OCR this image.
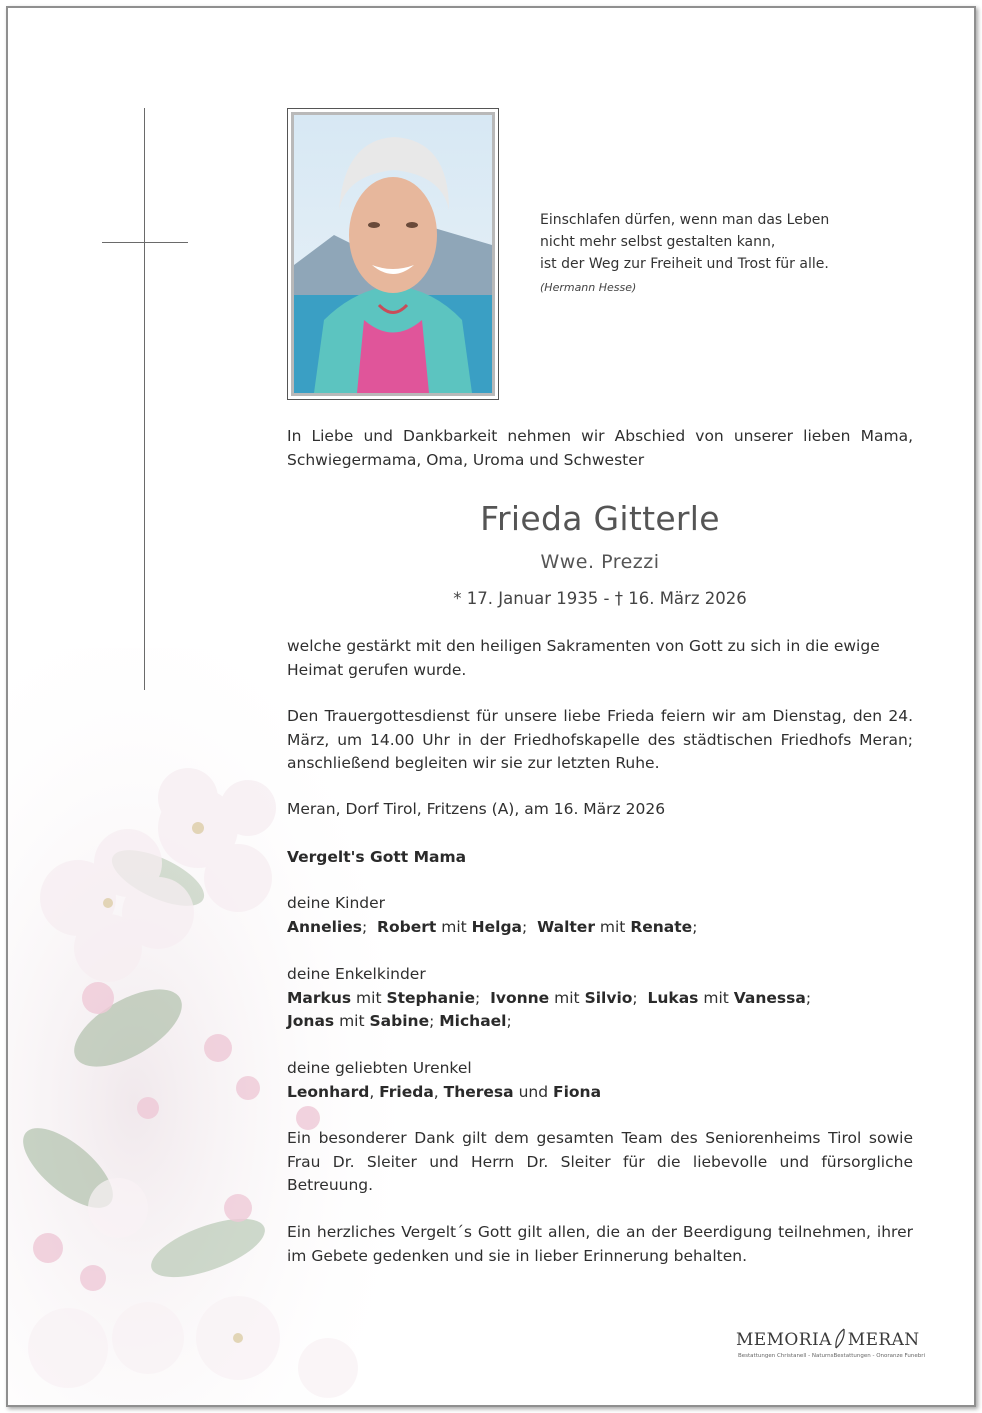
Einschlafen dürfen, wenn man das Leben
nicht mehr selbst gestalten kann,
ist der Weg zur Freiheit und Trost für alle.
(Hermann Hesse)
In Liebe und Dankbarkeit nehmen wir Abschied von unserer lieben Mama, Schwiegermama, Oma, Uroma und Schwester
Frieda Gitterle
Wwe. Prezzi
* 17. Januar 1935 - † 16. März 2026
welche gestärkt mit den heiligen Sakramenten von Gott zu sich in die ewige Heimat gerufen wurde.
Den Trauergottesdienst für unsere liebe Frieda feiern wir am Dienstag, den 24. März, um 14.00 Uhr in der Friedhofskapelle des städtischen Friedhofs Meran; anschließend begleiten wir sie zur letzten Ruhe.
Meran, Dorf Tirol, Fritzens (A), am 16. März 2026
Vergelt's Gott Mama
deine Kinder
Annelies;  Robert mit Helga;  Walter mit Renate;
deine Enkelkinder
Markus mit Stephanie;  Ivonne mit Silvio;  Lukas mit Vanessa;
Jonas mit Sabine; Michael;
deine geliebten Urenkel
Leonhard, Frieda, Theresa und Fiona
Ein besonderer Dank gilt dem gesamten Team des Seniorenheims Tirol sowie Frau Dr. Sleiter und Herrn Dr. Sleiter für die liebevolle und fürsorgliche Betreuung.
Ein herzliches Vergelt´s Gott gilt allen, die an der Beerdigung teilnehmen, ihrer im Gebete gedenken und sie in lieber Erinnerung behalten.
MEMORIA MERAN
Bestattungen Christanell - Naturns Bestattungen - Onoranze Funebri
